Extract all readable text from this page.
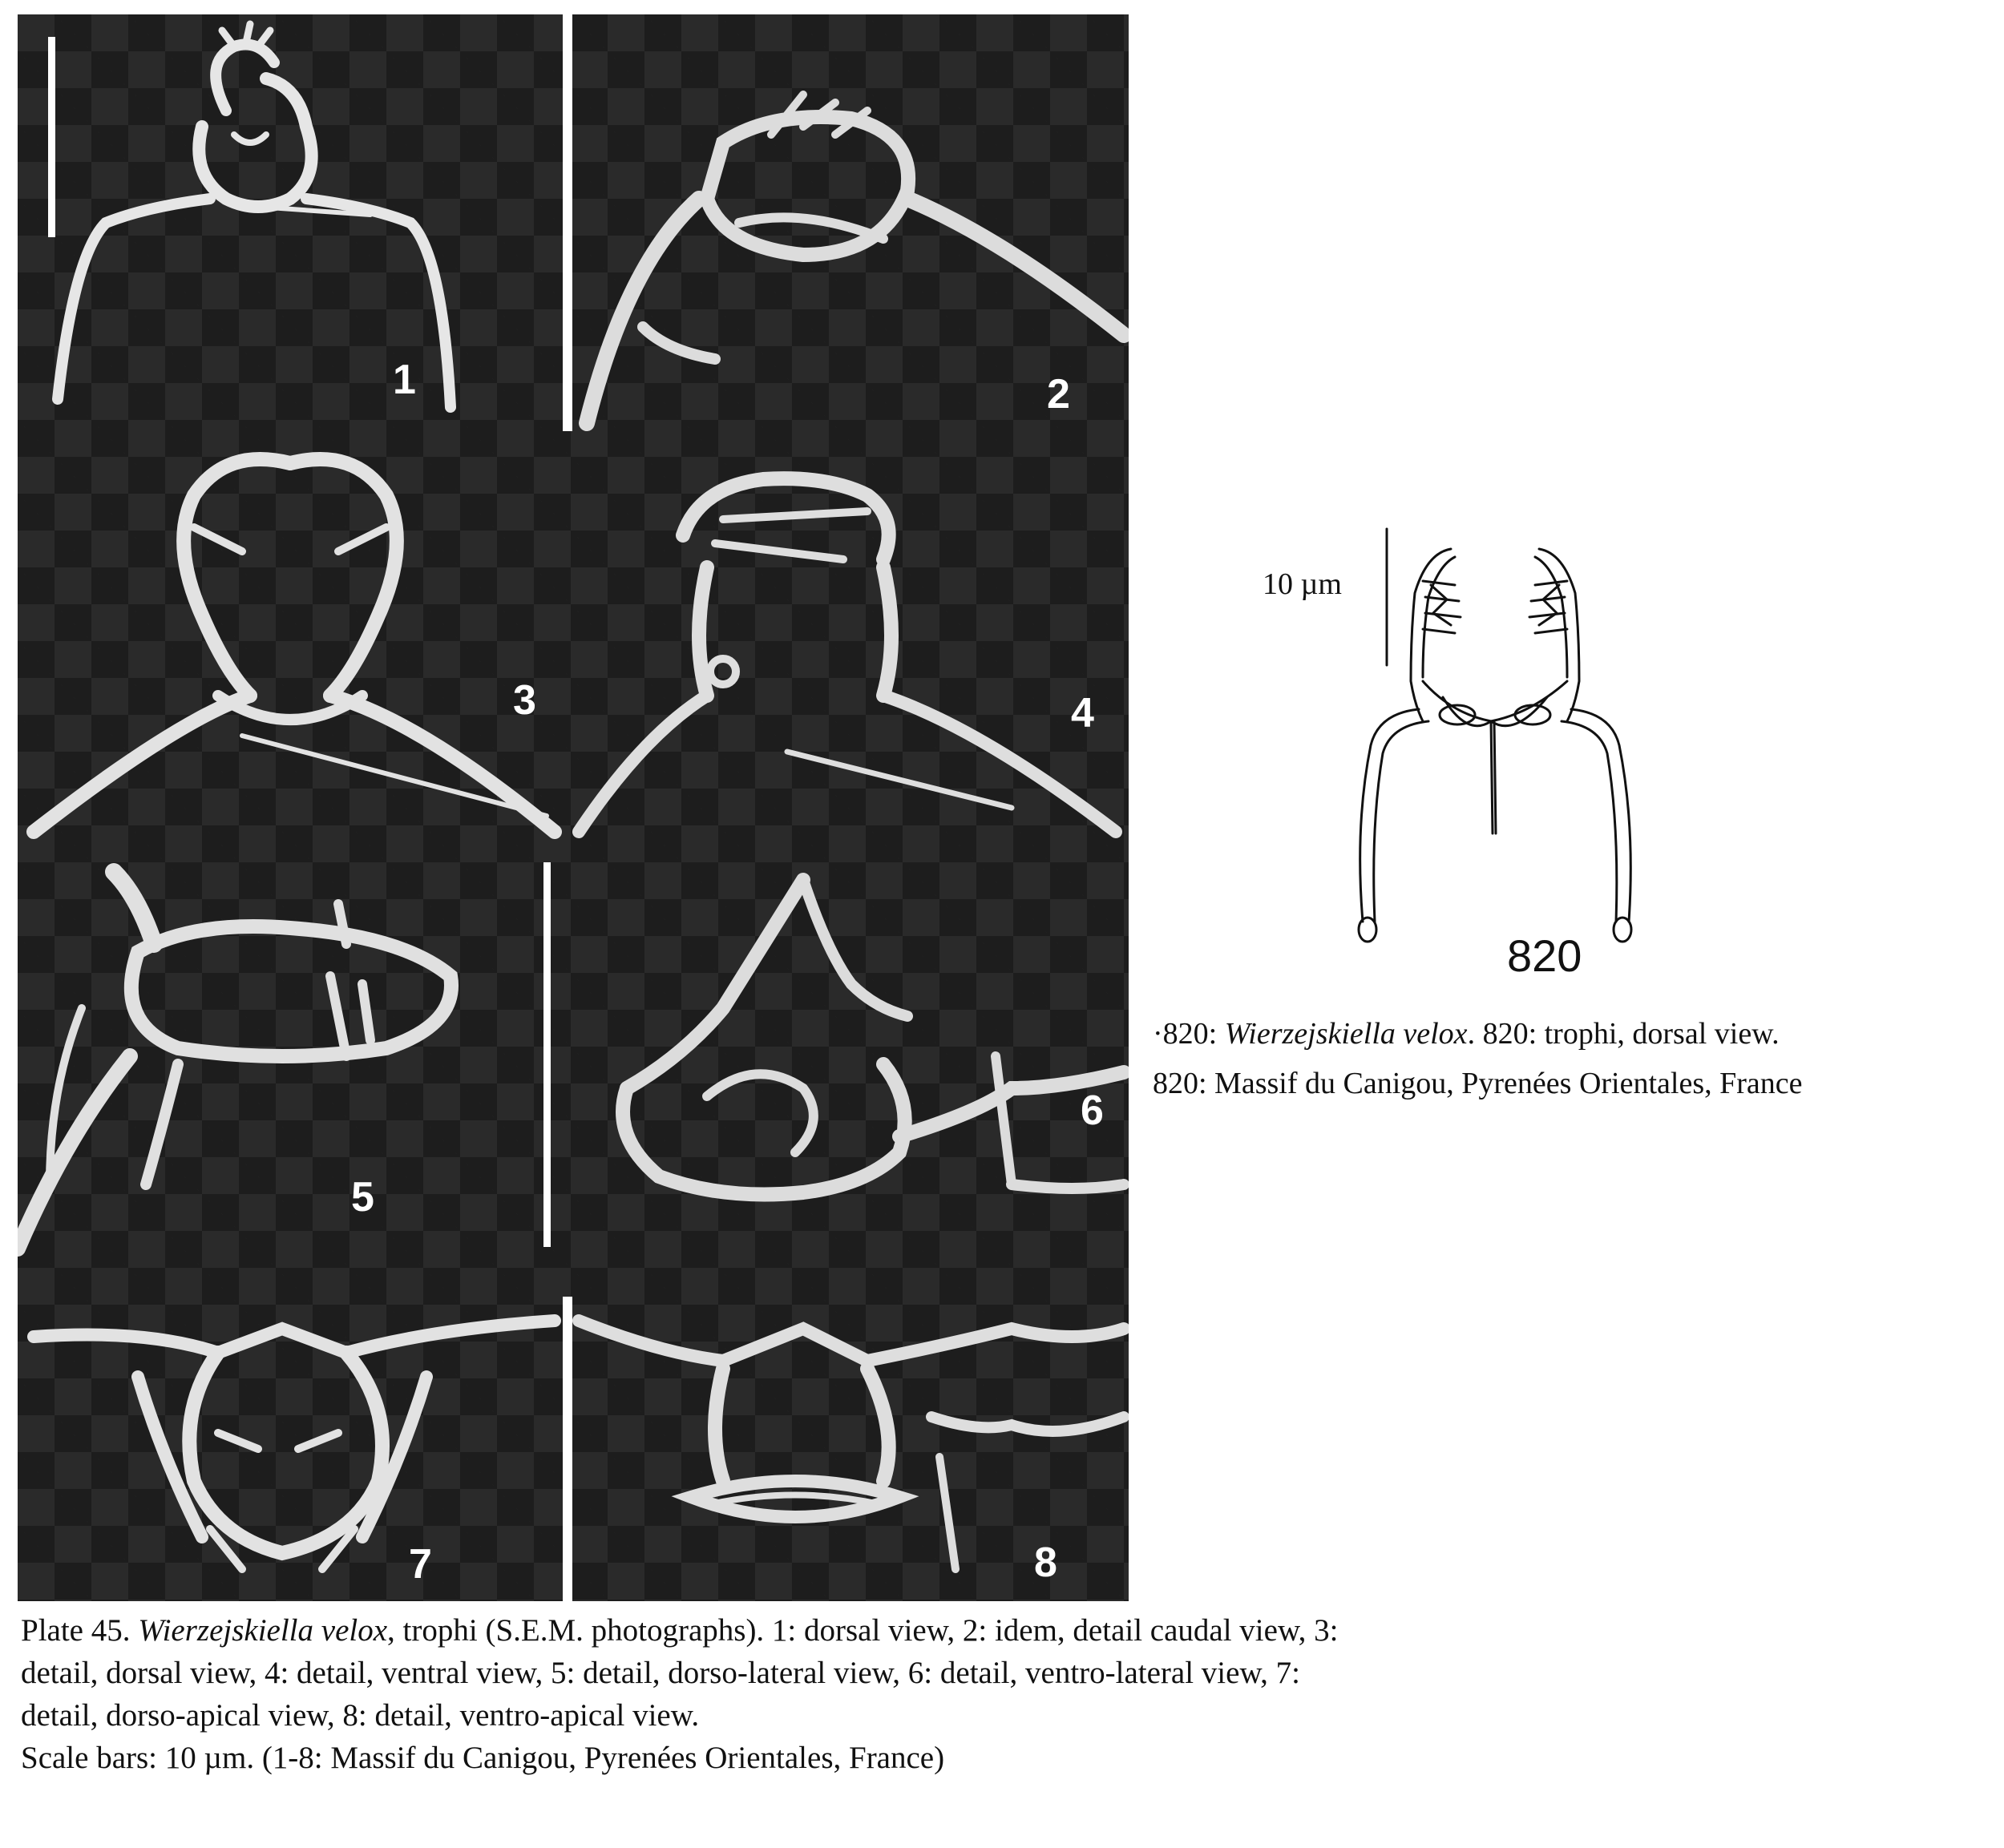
1	2
3	4
5
6
7	8
10 µm
820
·820: Wierzejskiella velox. 820: trophi, dorsal view.
820: Massif du Canigou, Pyrenées Orientales, France

Plate 45. Wierzejskiella velox, trophi (S.E.M. photographs). 1: dorsal view, 2: idem, detail caudal view, 3:

detail, dorsal view, 4: detail, ventral view, 5: detail, dorso-lateral view, 6: detail, ventro-lateral view, 7:

detail, dorso-apical view, 8: detail, ventro-apical view.

Scale bars: 10 µm. (1-8: Massif du Canigou, Pyrenées Orientales, France)
